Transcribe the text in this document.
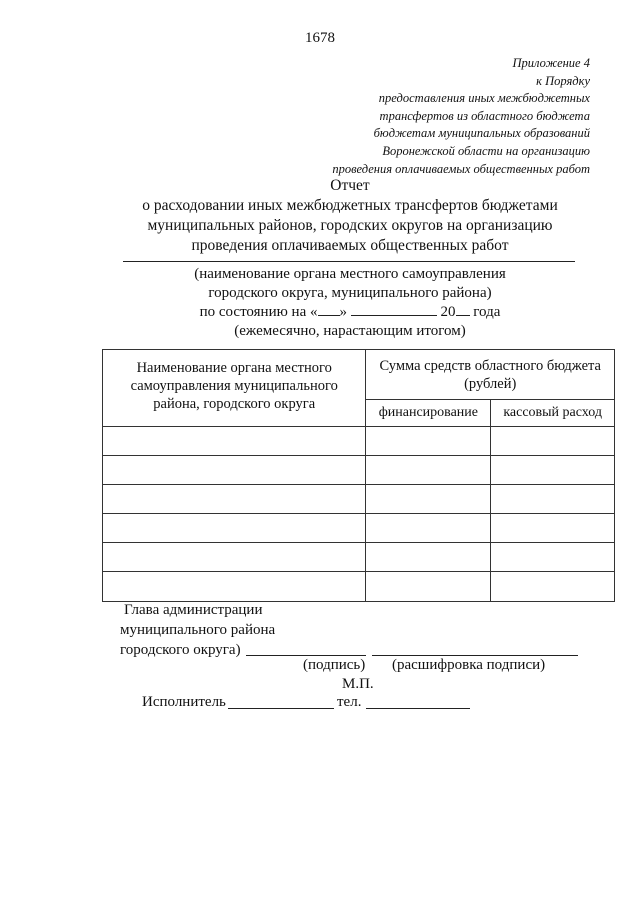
1678
Приложение 4
к Порядку
предоставления иных межбюджетных
трансфертов из областного бюджета
бюджетам муниципальных образований
Воронежской области на организацию
проведения оплачиваемых общественных работ
Отчет
о расходовании иных межбюджетных трансфертов бюджетами
муниципальных районов, городских округов на организацию
проведения оплачиваемых общественных работ
(наименование органа местного самоуправления
городского округа, муниципального района)
по состоянию на « »	20 года
(ежемесячно, нарастающим итогом)
Наименование органа местного самоуправления муниципального района, городского округа	Сумма средств областного бюджета (рублей)	
	финансирование	кассовый расход

Глава администрации
муниципального района
городского округа)
(подпись) (расшифровка подписи)
М.П.
Исполнитель	тел.
